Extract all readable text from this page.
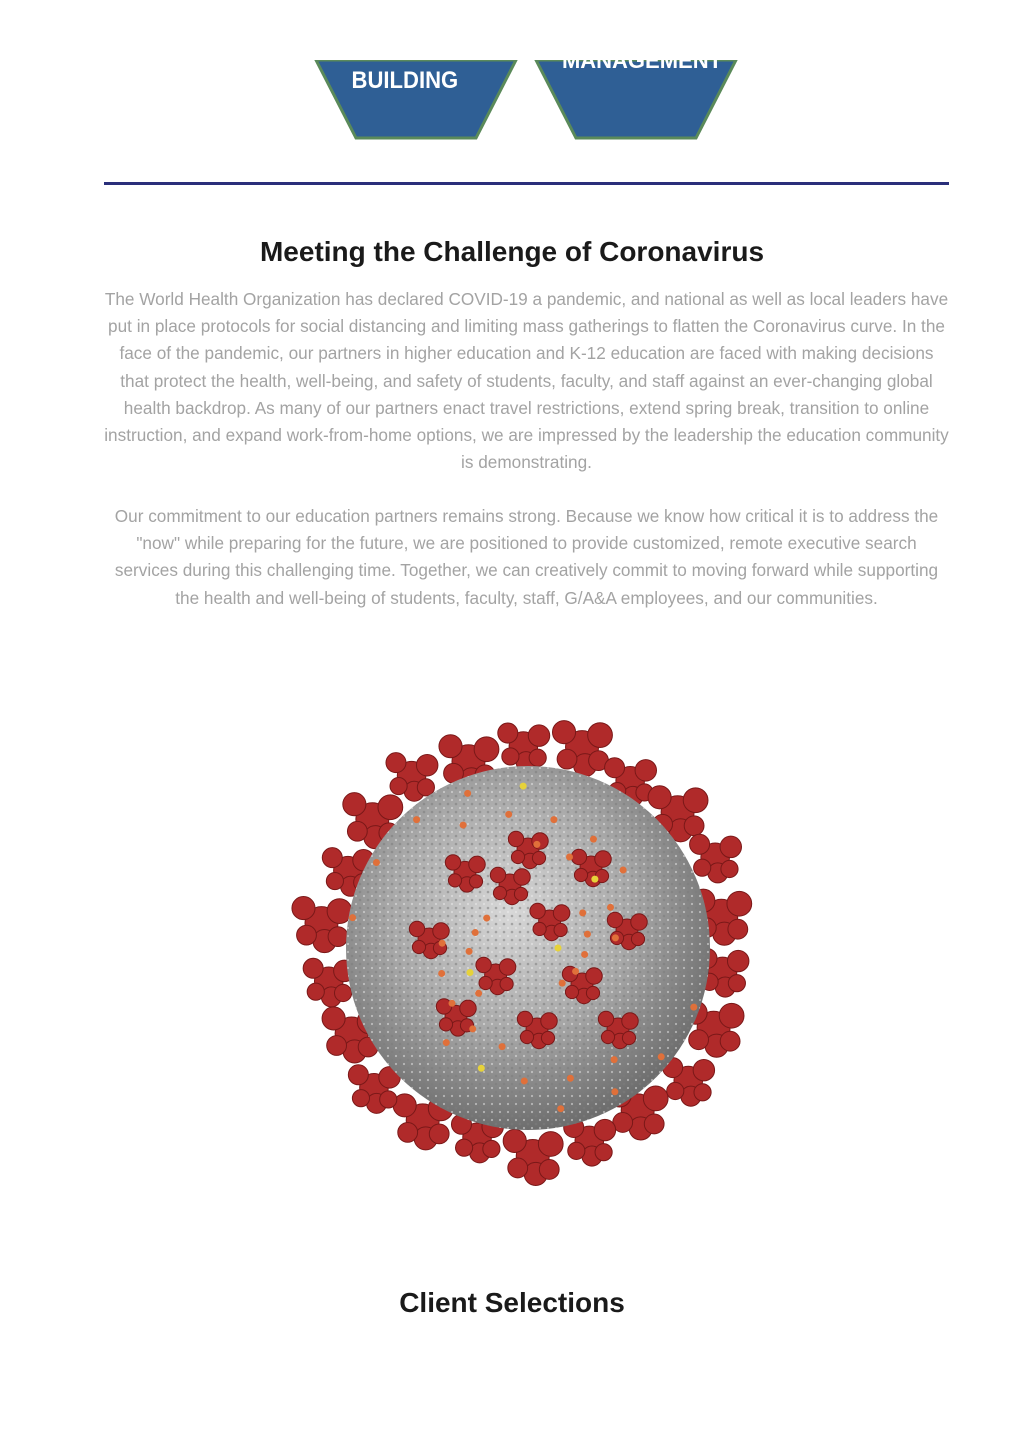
BUILDING
MANAGEMENT
Meeting the Challenge of Coronavirus

The World Health Organization has declared COVID-19 a pandemic, and national as well as local leaders have put in place protocols for social distancing and limiting mass gatherings to flatten the Coronavirus curve. In the face of the pandemic, our partners in higher education and K-12 education are faced with making decisions that protect the health, well-being, and safety of students, faculty, and staff against an ever-changing global health backdrop. As many of our partners enact travel restrictions, extend spring break, transition to online instruction, and expand work-from-home options, we are impressed by the leadership the education community is demonstrating.

Our commitment to our education partners remains strong. Because we know how critical it is to address the "now" while preparing for the future, we are positioned to provide customized, remote executive search services during this challenging time. Together, we can creatively commit to moving forward while supporting the health and well-being of students, faculty, staff, G/A&A employees, and our communities.

Client Selections
